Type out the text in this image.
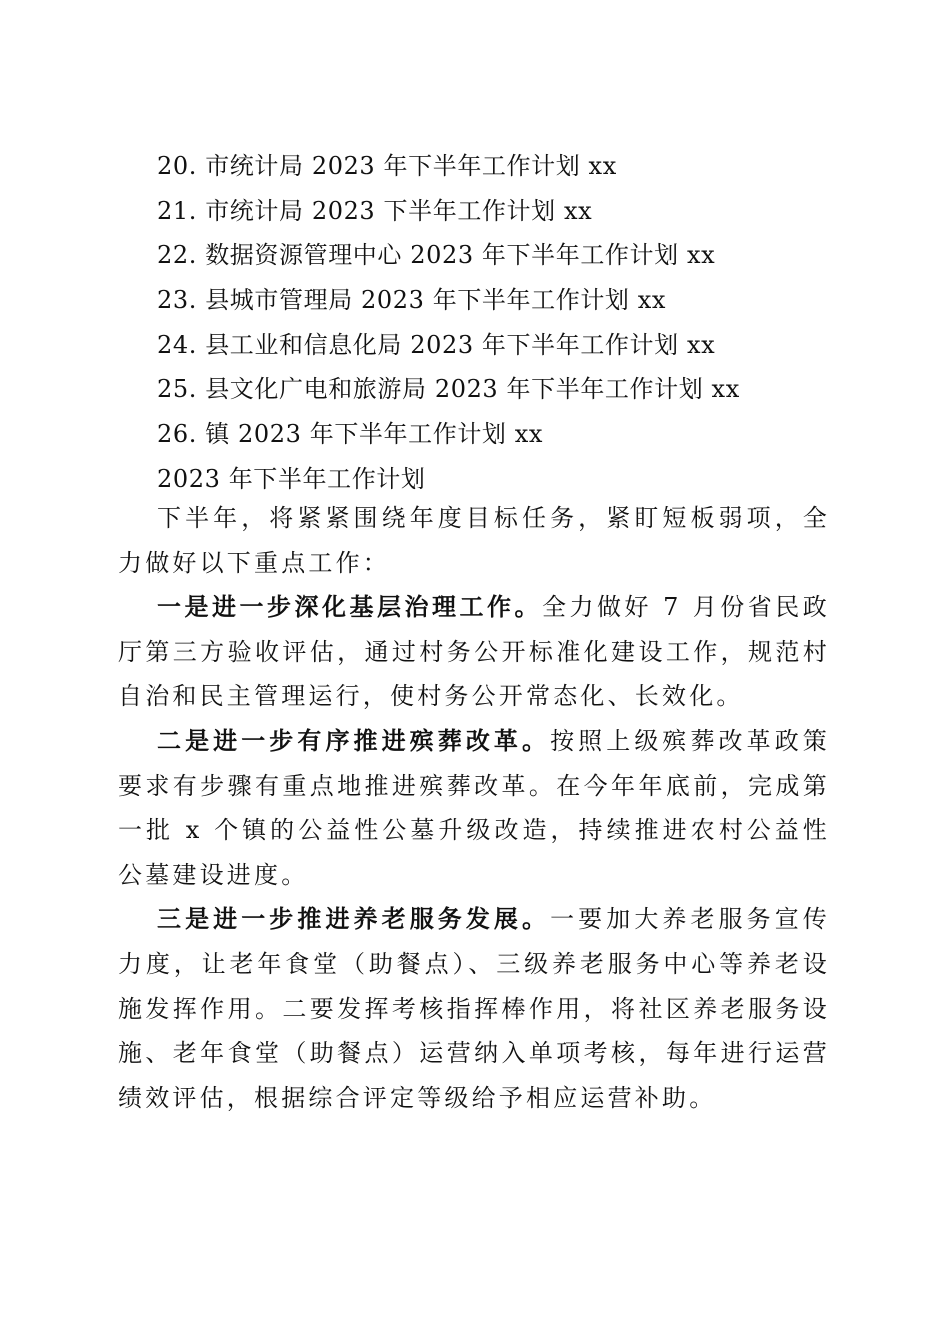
20. 市统计局 2023 年下半年工作计划 xx
21. 市统计局 2023 下半年工作计划 xx
22. 数据资源管理中心 2023 年下半年工作计划 xx
23. 县城市管理局 2023 年下半年工作计划 xx
24. 县工业和信息化局 2023 年下半年工作计划 xx
25. 县文化广电和旅游局 2023 年下半年工作计划 xx
26. 镇 2023 年下半年工作计划 xx
2023 年下半年工作计划

下半年，将紧紧围绕年度目标任务，紧盯短板弱项，全力做好以下重点工作：

一是进一步深化基层治理工作。全力做好 7 月份省民政厅第三方验收评估，通过村务公开标准化建设工作，规范村自治和民主管理运行，使村务公开常态化、长效化。

二是进一步有序推进殡葬改革。按照上级殡葬改革政策要求有步骤有重点地推进殡葬改革。在今年年底前，完成第一批 x 个镇的公益性公墓升级改造，持续推进农村公益性公墓建设进度。

三是进一步推进养老服务发展。一要加大养老服务宣传力度，让老年食堂（助餐点）、三级养老服务中心等养老设施发挥作用。二要发挥考核指挥棒作用，将社区养老服务设施、老年食堂（助餐点）运营纳入单项考核，每年进行运营绩效评估，根据综合评定等级给予相应运营补助。
